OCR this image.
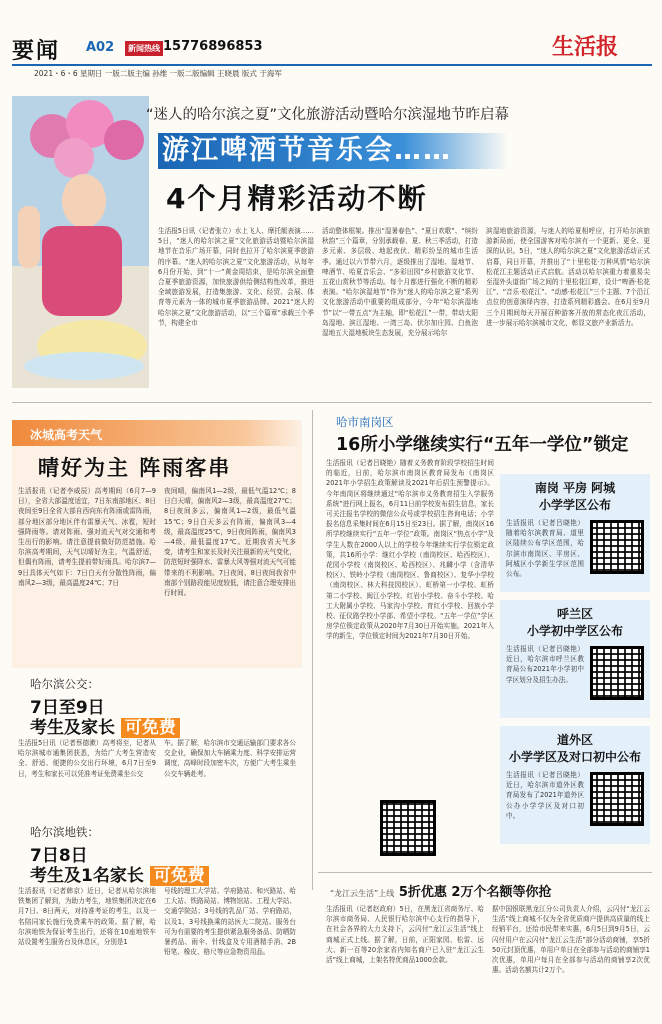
要闻 A02	新闻热线 15776896853	生活报
2021・6・6 星期日 一版二版主编 孙维 一版二版编辑 王晓晨 版式 于海军
“迷人的哈尔滨之夏”文化旅游活动暨哈尔滨湿地节昨启幕
游江啤酒节音乐会……
4个月精彩活动不断
生活报5日讯（记者张立）水上飞人、摩托艇表演……5日，“迷人的哈尔滨之夏”文化旅游活动暨哈尔滨湿地节在音乐广场开幕，同时也拉开了哈尔滨夏季旅游的序幕。“迷人的哈尔滨之夏”文化旅游活动，从每年6月份开始，到“十一”黄金周结束，是哈尔滨全面整合夏季旅游资源，加快旅游供给侧结构性改革，推进全域旅游发展，打造集旅游、文化、经贸、会展、体育等元素为一体的城市夏季旅游品牌。2021“迷人的哈尔滨之夏”文化旅游活动，以“三个篇章”承载三个季节，构建全市
活动整体框架。推出“湿暑春色”、“夏日欢歌”、“缤纷秋韵”三个篇章，分别承载春、夏、秋三季活动，打造多元素、多层级、地起夜伏、精彩纷呈的城市生活季。通过以六节带六月，逐级推出了湿地、湿地节、啤酒节、哈夏音乐会、“多彩田园”乡村旅游文化节、五花山赏秋节等活动。每个月都进行强化不断的精彩表演。“哈尔滨湿地节”作为“迷人的哈尔滨之夏”系列文化旅游活动中重要的组成部分，今年“哈尔滨湿地节”以“一带五点”为主轴，即“松花江”一带，带动太阳岛湿地、滨江湿地、一湾三岛、伏尔加庄园、白鱼泡湿地五大湿地板块生态发展，充分展示哈尔
滨湿地旅游资源，与迷人的哈夏相呼应，打开哈尔滨旅游新局面，使全国游客对哈尔滨有一个更新、更全、更深的认识。5日，“迷人的哈尔滨之夏”文化旅游活动正式启幕，同日开幕，并推出了“十里松花·万种风情”哈尔滨松花江主题活动正式启航。活动以哈尔滨重力着重易尖至湿外头道街广场之间的十里松花江畔，设计“啤酒·松花江”、“音乐·松花江”、“动感·松花江”三个主题、7个沿江点位的创意演绎内容，打造系列精彩盛会。在6月至9月三个月期间每天开展百种游客开放的常态化夜江活动，进一步展示哈尔滨城市文化，彰显文旅产业新活力。
冰城高考天气
晴好为主 阵雨客串
生活报讯（记者李威辰）高考期间（6月7—9日），全省大部温度适宜，7日东南部地区、8日夜间至9日全省大部自西向东有阵雨或雷阵雨，部分地区部分地区伴有雷暴天气、冰雹，短时强降雨等。请对阵雨、强对流天气对交通和考生出行的影响。请注意提前做好防范措施。哈尔滨高考期间，天气以晴好为主，气温舒适，但偶有阵雨，请考生提前带好雨具。哈尔滨7—9日具体天气如下：7日白天有分散性阵雨，偏南风2—3级，最高温度24℃；7日
夜间晴，偏南风1—2级，最低气温12℃；8日白天晴，偏南风2—3级，最高温度27℃；8日夜间多云，偏南风1—2级，最低气温15℃；9日白天多云有阵雨，偏南风3—4级，最高温度25℃，9日夜间阵雨，偏南风3—4级，最低温度17℃。近期我省天气多变，请考生和家长及时关注最新的天气变化，防范短时强降水、雷暴大风等强对流天气可能带来的不利影响。7日夜间、8日夜间我省中南部个别路段能见度较低，请注意合理安排出行时间。
哈尔滨公交：
7日至9日
考生及家长 可免费
生活报5日讯（记者蔡德漱）高考将至，记者从哈尔滨城市通集团获悉，为给广大考生营造安全、舒适、便捷的公交出行环境，6月7日至9日，考生和家长可以凭准考证免费乘坐公交
车。据了解，哈尔滨市交通运输部门要求各公交企业，确保加大车辆乘力度、科学安排运营调度，高峰时段加密车次，方便广大考生乘坐公交车辆赴考。
哈尔滨地铁：
7日8日
考生及1名家长 可免费
生活报讯（记者韩京）近日，记者从哈尔滨地铁集团了解到，为助力考生，地铁集团决定在6月7日、8日两天，对持准考证的考生，以及一名陪同家长施行免费乘车的政策。据了解，哈尔滨地铁为保证考生出行，还将在10座地铁车站设置考生服务台及休息区，分别是1
号线的理工大学站、学府路站、和兴路站、哈工大站、铁路局站、博物馆站、工程大学站、交通学院站；3号线的乳品厂站、学府路站，以及1、3号线换乘的站医大二院站。服务台可为有需要的考生提供紧急服务备品、防晒防暑药品、雨伞、针线盒及专用酒精手消、2B铅笔、橡皮、格尺等应急物资用品。
哈市南岗区
16所小学继续实行“五年一学位”锁定
生活报讯（记者吕晓艳）随着义务教育阶段学校招生时间的临近，日前，哈尔滨市南岗区教育局发布《南岗区2021年小学招生政策解读及2021年后招生预警提示》。今年南岗区将继续通过“哈尔滨市义务教育招生入学服务系统”进行网上报名，6月11日前学校发布招生信息，家长可关注报名学校的微信公众号或学校招生咨询电话；小学报名信息采集时间在6月15日至23日。据了解，南岗区16所学校继续实行“五年一学位”政策。南岗区“热点小学”及学生人数在2000人以上的学校今年继续实行学位锁定政策，共16所小学：继红小学校（南岗校区、哈西校区）、花园小学校（南岗校区、哈西校区）、兆麟小学（含清华校区）、铁岭小学校（南岗校区、鲁商校区）、复华小学校（南岗校区、林大科技园校区）、虹桥第一小学校、虹桥第二小学校、闽江小学校、红岩小学校、奋斗小学校、哈工大附属小学校、马家沟小学校、育红小学校、回族小学校、征仪路学校小学部、希望小学校。“五年一学位”学区房学位锁定政策从2020年7月30日开始实施。2021年入学的新生，学位锁定时间为2021年7月30日开始。
南岗 平房 阿城
小学学区公布
生活报讯（记者吕晓艳）随着哈尔滨教育局、道里区陆续公布学区范围，哈尔滨市南岗区、平房区、阿城区小学新生学区范围公布。
呼兰区
小学初中学区公布
生活报讯（记者吕晓艳）近日，哈尔滨市呼兰区教育局公布2021年小学初中学区划分及招生办法。
道外区
小学学区及对口初中公布
生活报讯（记者吕晓艳）近日，哈尔滨市道外区教育局发布了2021年道外区公办小学学区及对口初中。
“龙江云生活”上线 5折优惠 2万个名额等你抢
生活报讯（记者赵政府）5日，在黑龙江省商务厅、哈尔滨市商务局、人民银行哈尔滨中心支行的指导下，在社会各界的大力支持下，云闪付“龙江云生活”线上商城正式上线。据了解，日前，正阳家园、松雷、远大、新一百等20余家省内知名商户已入驻“龙江云生活”线上商城，上架名特优商品1000余款。
据中国银联黑龙江分公司负责人介绍，云闪付“龙江云生活”线上商城不仅为全省优质商户提供高质量的线上经销平台，还给市民带来实惠，6月5日到9月5日，云闪付用户在云闪付“龙江云生活”部分活动商铺，享5折50元封顶优惠，单用户单日在全部参与活动的商铺享1次优惠，单用户每月在全部参与活动的商铺享2次优惠。活动名额共计2万个。
